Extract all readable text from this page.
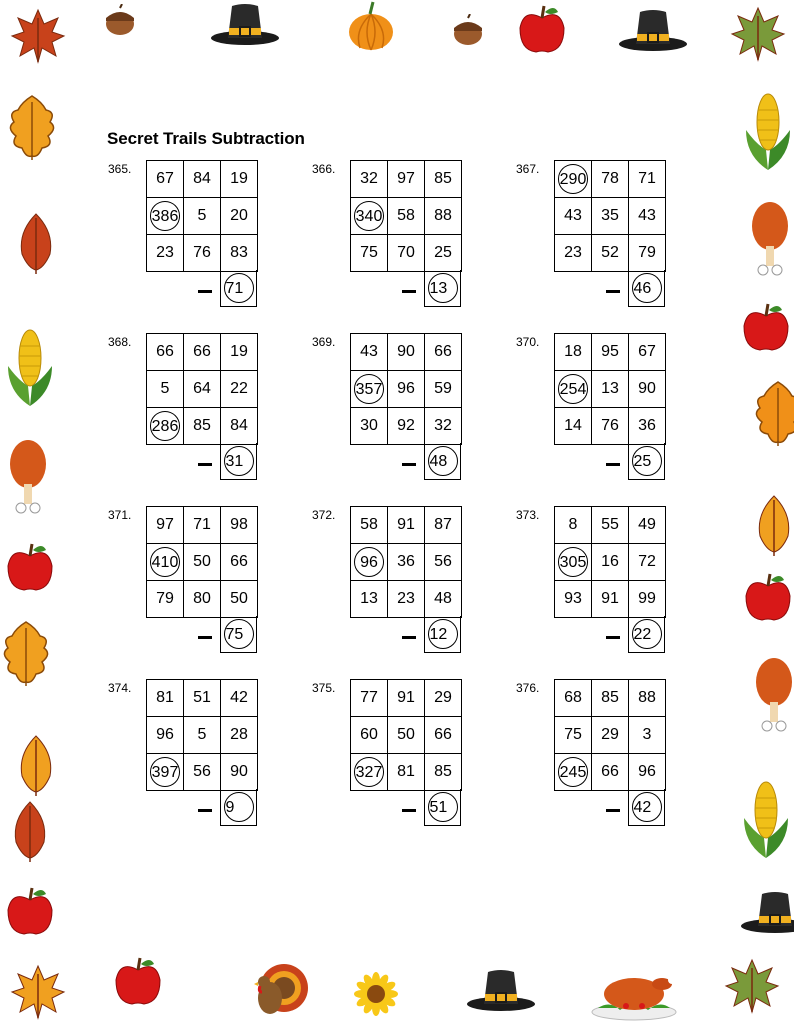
Secret Trails Subtraction
365.
67	84	19
386	5	20
23	76	83
71
366.
32	97	85
340	58	88
75	70	25
13
367.
290	78	71
43	35	43
23	52	79
46
368.
66	66	19
5	64	22
286	85	84
31
369.
43	90	66
357	96	59
30	92	32
48
370.
18	95	67
254	13	90
14	76	36
25
371.
97	71	98
410	50	66
79	80	50
75
372.
58	91	87
96	36	56
13	23	48
12
373.
8	55	49
305	16	72
93	91	99
22
374.
81	51	42
96	5	28
397	56	90
9
375.
77	91	29
60	50	66
327	81	85
51
376.
68	85	88
75	29	3
245	66	96
42
